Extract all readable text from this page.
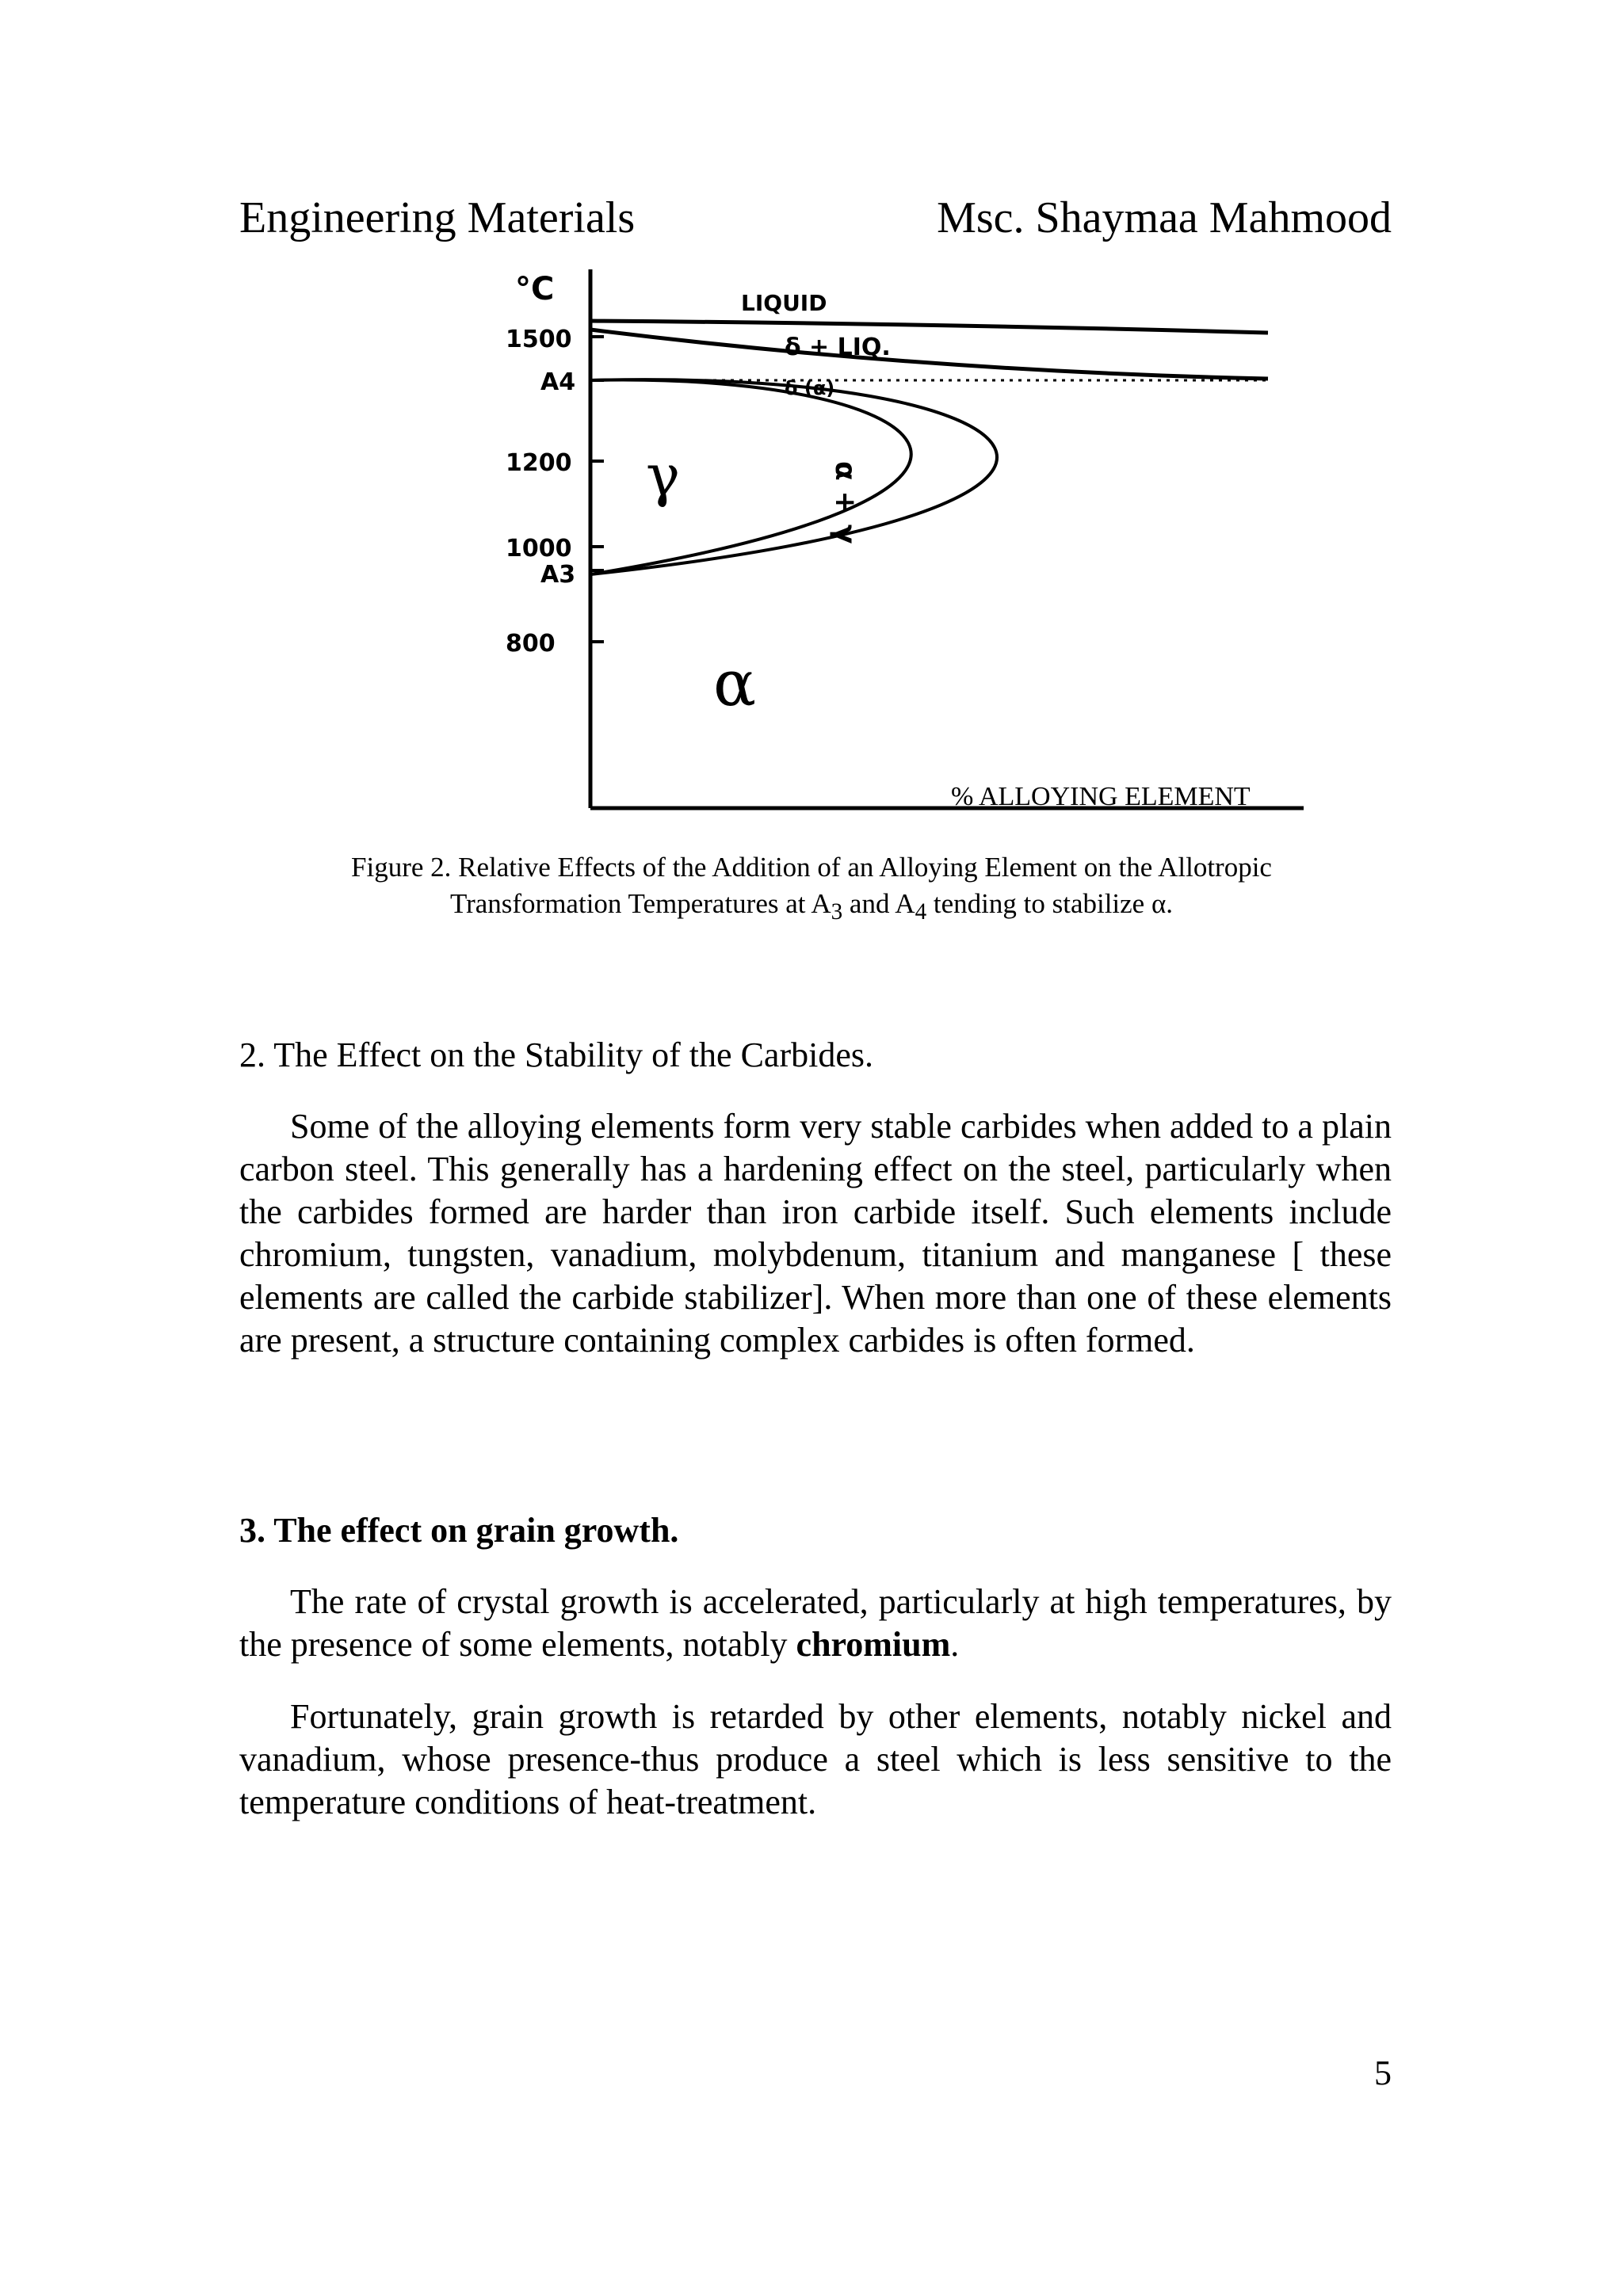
Engineering Materials	Msc. Shaymaa Mahmood
°C
1500
A4
1200
1000
A3
800
LIQUID
δ + LIQ.
δ (α)
γ	α + γ
α
% ALLOYING ELEMENT
Figure 2. Relative Effects of the Addition of an Alloying Element on the Allotropic
Transformation Temperatures at $A_3$ and $A_4$ tending to stabilize α.
2. The Effect on the Stability of the Carbides.
Some of the alloying elements form very stable carbides when added to a plain carbon steel. This generally has a hardening effect on the steel, particularly when the carbides formed are harder than iron carbide itself. Such elements include chromium, tungsten, vanadium, molybdenum, titanium and manganese [ these elements are called the carbide stabilizer]. When more than one of these elements are present, a structure containing complex carbides is often formed.
3. The effect on grain growth.
The rate of crystal growth is accelerated, particularly at high temperatures, by the presence of some elements, notably chromium.
Fortunately, grain growth is retarded by other elements, notably nickel and vanadium, whose presence-thus produce a steel which is less sensitive to the temperature conditions of heat-treatment.
5
